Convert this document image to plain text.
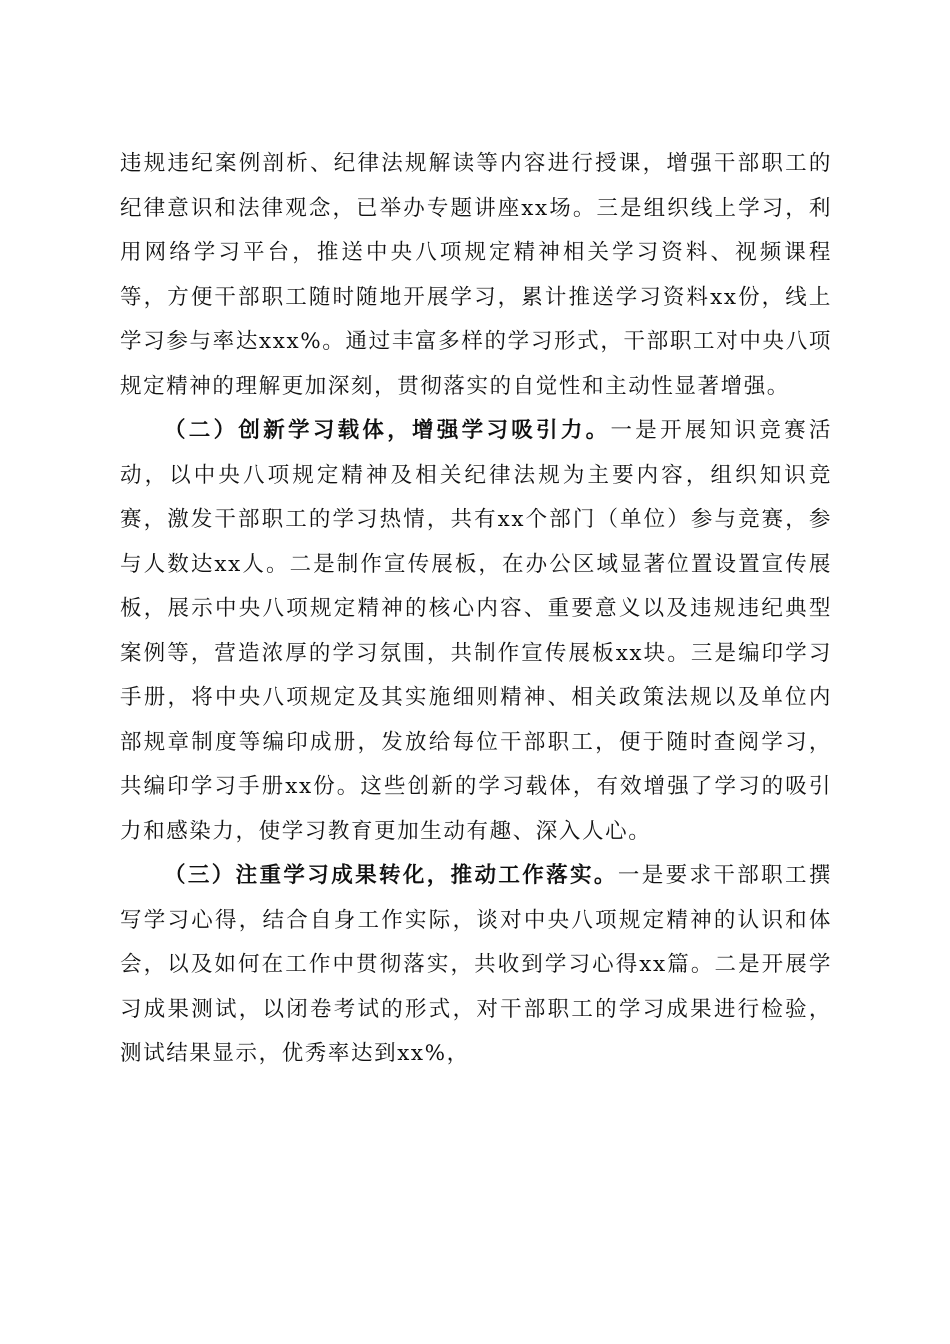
违规违纪案例剖析、纪律法规解读等内容进行授课，增强干部职工的纪律意识和法律观念，已举办专题讲座xx场。三是组织线上学习，利用网络学习平台，推送中央八项规定精神相关学习资料、视频课程等，方便干部职工随时随地开展学习，累计推送学习资料xx份，线上学习参与率达xxx%。通过丰富多样的学习形式，干部职工对中央八项规定精神的理解更加深刻，贯彻落实的自觉性和主动性显著增强。

（二）创新学习载体，增强学习吸引力。一是开展知识竞赛活动，以中央八项规定精神及相关纪律法规为主要内容，组织知识竞赛，激发干部职工的学习热情，共有xx个部门（单位）参与竞赛，参与人数达xx人。二是制作宣传展板，在办公区域显著位置设置宣传展板，展示中央八项规定精神的核心内容、重要意义以及违规违纪典型案例等，营造浓厚的学习氛围，共制作宣传展板xx块。三是编印学习手册，将中央八项规定及其实施细则精神、相关政策法规以及单位内部规章制度等编印成册，发放给每位干部职工，便于随时查阅学习，共编印学习手册xx份。这些创新的学习载体，有效增强了学习的吸引力和感染力，使学习教育更加生动有趣、深入人心。

（三）注重学习成果转化，推动工作落实。一是要求干部职工撰写学习心得，结合自身工作实际，谈对中央八项规定精神的认识和体会，以及如何在工作中贯彻落实，共收到学习心得xx篇。二是开展学习成果测试，以闭卷考试的形式，对干部职工的学习成果进行检验，测试结果显示，优秀率达到xx%，
